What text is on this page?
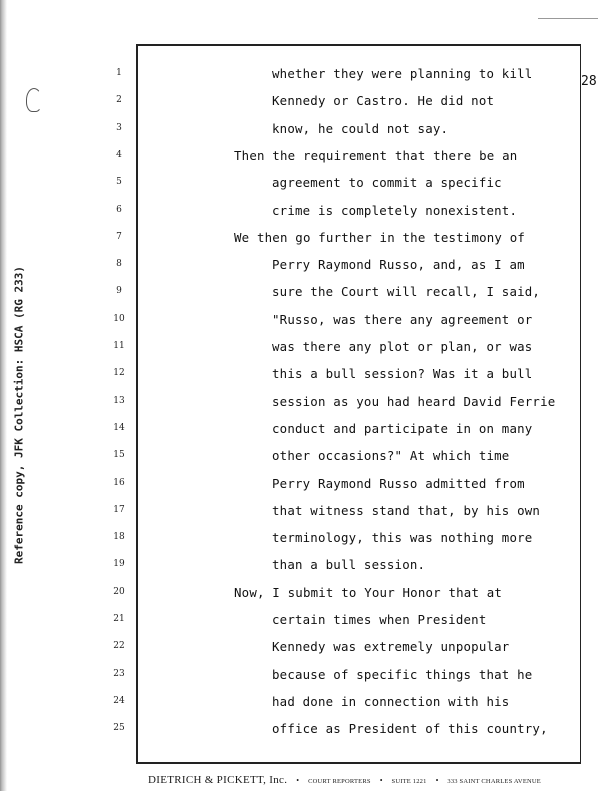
Reference copy, JFK Collection: HSCA (RG 233)
28
1	whether they were planning to kill
2	Kennedy or Castro. He did not
3	know, he could not say.
4	Then the requirement that there be an
5	agreement to commit a specific
6	crime is completely nonexistent.
7	We then go further in the testimony of
8	Perry Raymond Russo, and, as I am
9	sure the Court will recall, I said,
10	"Russo, was there any agreement or
11	was there any plot or plan, or was
12	this a bull session? Was it a bull
13	session as you had heard David Ferrie
14	conduct and participate in on many
15	other occasions?" At which time
16	Perry Raymond Russo admitted from
17	that witness stand that, by his own
18	terminology, this was nothing more
19	than a bull session.
20	Now, I submit to Your Honor that at
21	certain times when President
22	Kennedy was extremely unpopular
23	because of specific things that he
24	had done in connection with his
25	office as President of this country,
DIETRICH & PICKETT, Inc. • COURT REPORTERS • SUITE 1221 • 333 SAINT CHARLES AVENUE
